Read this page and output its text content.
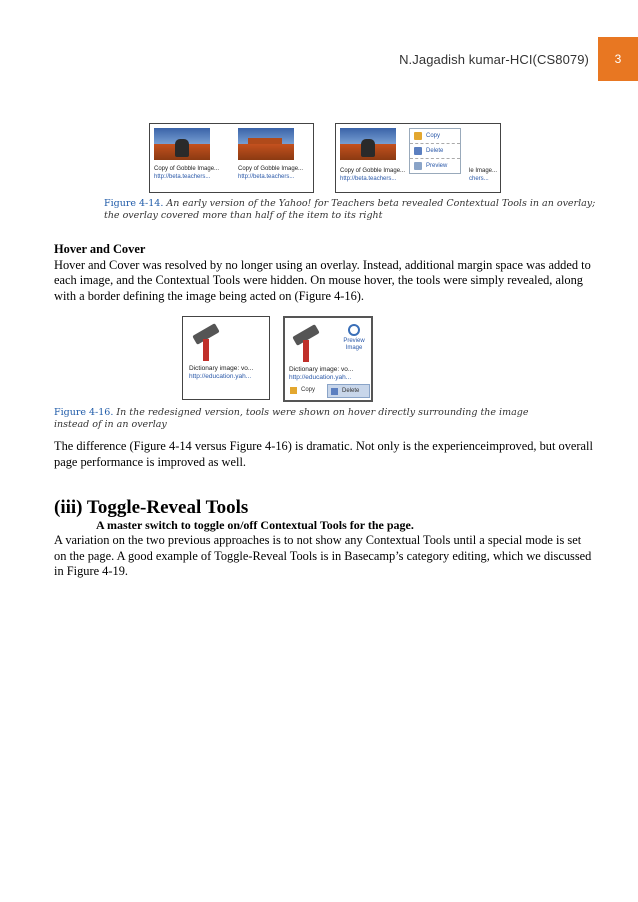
N.Jagadish kumar-HCI(CS8079)	3
Copy of Gobble Image...
http://beta.teachers...
Copy of Gobble Image...
http://beta.teachers...
Copy of Gobble Image...
http://beta.teachers...
le Image...
chers...
Copy
Delete
Preview
Figure 4-14. An early version of the Yahoo! for Teachers beta revealed Contextual Tools in an overlay;
the overlay covered more than half of the item to its right
Hover and Cover
Hover and Cover was resolved by no longer using an overlay. Instead, additional margin space was added to each image, and the Contextual Tools were hidden. On mouse hover, the tools were simply revealed, along with a border defining the image being acted on (Figure 4-16).
Dictionary image: vo...
http://education.yah...
Preview
Image
Dictionary image: vo...
http://education.yah...
Copy	Delete
Figure 4-16. In the redesigned version, tools were shown on hover directly surrounding the image
instead of in an overlay
The difference (Figure 4-14 versus Figure 4-16) is dramatic. Not only is the experienceimproved, but overall page performance is improved as well.
(iii) Toggle-Reveal Tools
A master switch to toggle on/off Contextual Tools for the page.
A variation on the two previous approaches is to not show any Contextual Tools until a special mode is set on the page. A good example of Toggle-Reveal Tools is in Basecamp’s category editing, which we discussed in Figure 4-19.
